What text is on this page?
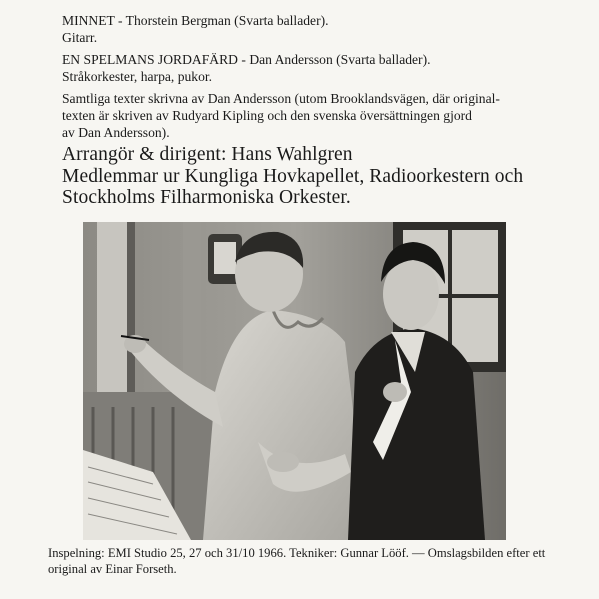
MINNET - Thorstein Bergman (Svarta ballader).

Gitarr.

EN SPELMANS JORDAFÄRD - Dan Andersson (Svarta ballader).

Stråkorkester, harpa, pukor.

Samtliga texter skrivna av Dan Andersson (utom Brooklandsvägen, där original-

texten är skriven av Rudyard Kipling och den svenska översättningen gjord

av Dan Andersson).

Arrangör & dirigent: Hans Wahlgren

Medlemmar ur Kungliga Hovkapellet, Radioorkestern och

Stockholms Filharmoniska Orkester.

Inspelning: EMI Studio 25, 27 och 31/10 1966. Tekniker: Gunnar Lööf. — Omslagsbilden efter ett

original av Einar Forseth.
